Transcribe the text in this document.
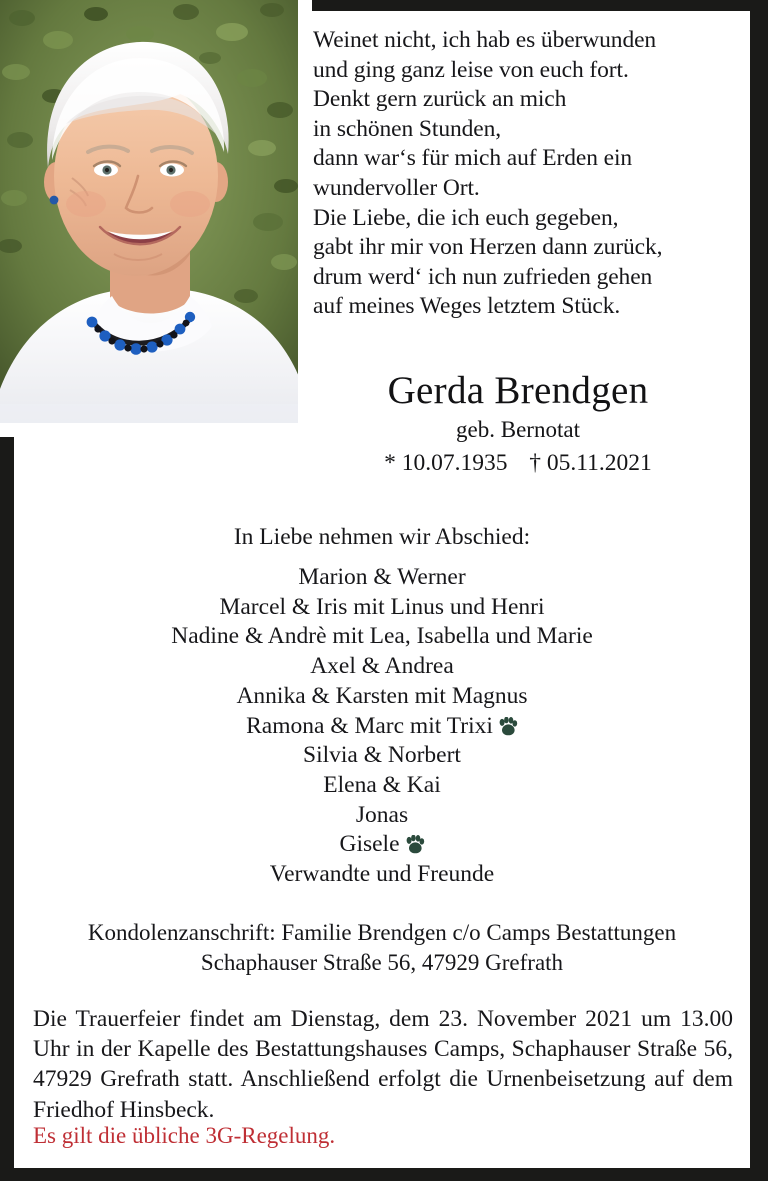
Weinet nicht, ich hab es überwunden
und ging ganz leise von euch fort.
Denkt gern zurück an mich
in schönen Stunden,
dann war‘s für mich auf Erden ein
wundervoller Ort.
Die Liebe, die ich euch gegeben,
gabt ihr mir von Herzen dann zurück,
drum werd‘ ich nun zufrieden gehen
auf meines Weges letztem Stück.
Gerda Brendgen
geb. Bernotat
* 10.07.1935 † 05.11.2021
In Liebe nehmen wir Abschied:
Marion & Werner
Marcel & Iris mit Linus und Henri
Nadine & Andrè mit Lea, Isabella und Marie
Axel & Andrea
Annika & Karsten mit Magnus
Ramona & Marc mit Trixi
Silvia & Norbert
Elena & Kai
Jonas
Gisele
Verwandte und Freunde
Kondolenzanschrift: Familie Brendgen c/o Camps Bestattungen
Schaphauser Straße 56, 47929 Grefrath

Die Trauerfeier findet am Dienstag, dem 23. November 2021 um 13.00 Uhr in der Kapelle des Bestattungshauses Camps, Schaphauser Straße 56, 47929 Grefrath statt. Anschließend erfolgt die Urnenbeisetzung auf dem Friedhof Hinsbeck.

Es gilt die übliche 3G-Regelung.
